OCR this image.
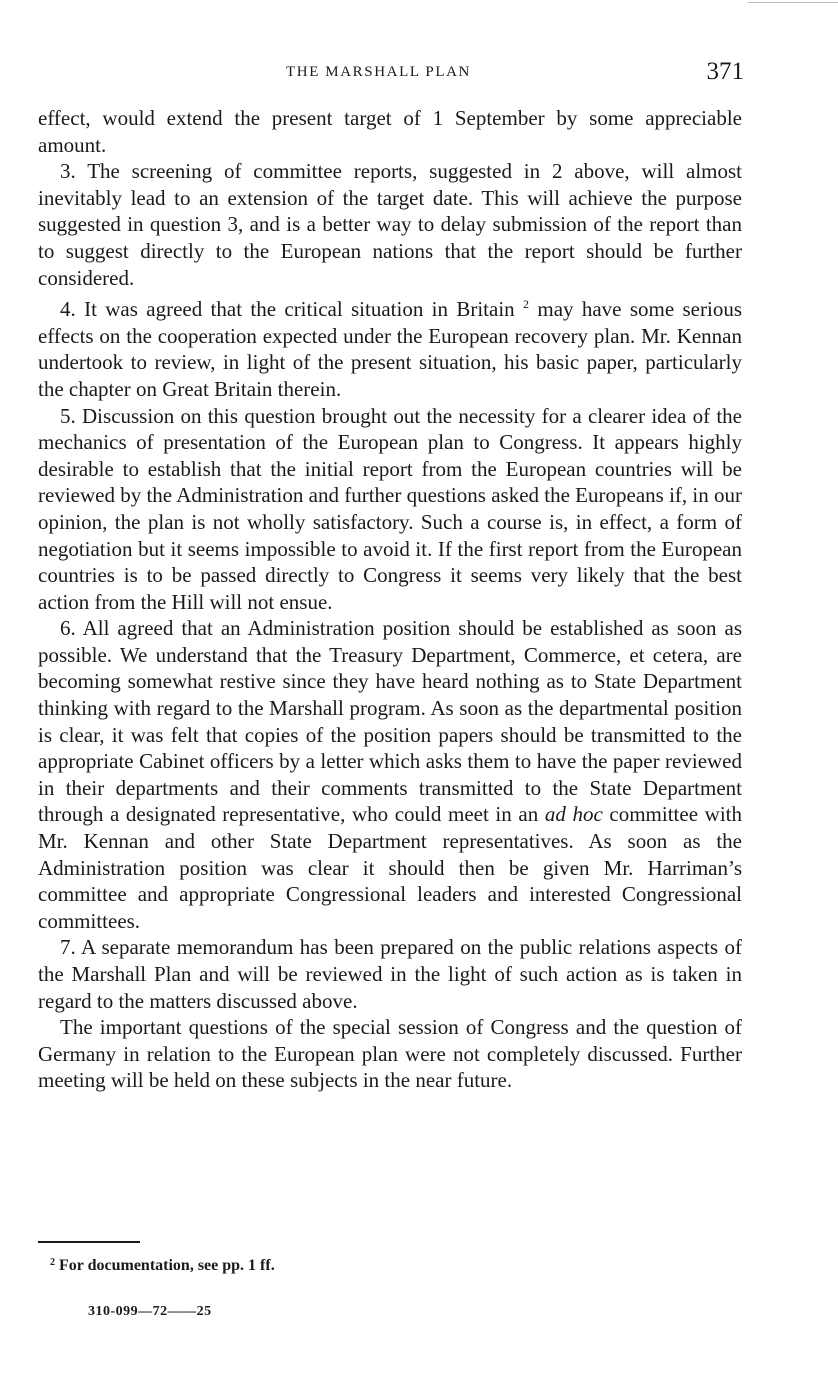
THE MARSHALL PLAN	371

effect, would extend the present target of 1 September by some appreciable amount.

3. The screening of committee reports, suggested in 2 above, will almost inevitably lead to an extension of the target date. This will achieve the purpose suggested in question 3, and is a better way to delay submission of the report than to suggest directly to the European nations that the report should be further considered.

4. It was agreed that the critical situation in Britain $^2$ may have some serious effects on the cooperation expected under the European recovery plan. Mr. Kennan undertook to review, in light of the present situation, his basic paper, particularly the chapter on Great Britain therein.

5. Discussion on this question brought out the necessity for a clearer idea of the mechanics of presentation of the European plan to Congress. It appears highly desirable to establish that the initial report from the European countries will be reviewed by the Administration and further questions asked the Europeans if, in our opinion, the plan is not wholly satisfactory. Such a course is, in effect, a form of negotiation but it seems impossible to avoid it. If the first report from the European countries is to be passed directly to Congress it seems very likely that the best action from the Hill will not ensue.

6. All agreed that an Administration position should be established as soon as possible. We understand that the Treasury Department, Commerce, et cetera, are becoming somewhat restive since they have heard nothing as to State Department thinking with regard to the Marshall program. As soon as the departmental position is clear, it was felt that copies of the position papers should be transmitted to the appropriate Cabinet officers by a letter which asks them to have the paper reviewed in their departments and their comments transmitted to the State Department through a designated representative, who could meet in an ad hoc committee with Mr. Kennan and other State Department representatives. As soon as the Administration position was clear it should then be given Mr. Harriman’s committee and appropriate Congressional leaders and interested Congressional committees.

7. A separate memorandum has been prepared on the public relations aspects of the Marshall Plan and will be reviewed in the light of such action as is taken in regard to the matters discussed above.

The important questions of the special session of Congress and the question of Germany in relation to the European plan were not completely discussed. Further meeting will be held on these subjects in the near future.

$^2$ For documentation, see pp. 1 ff.
310-099—72——25
